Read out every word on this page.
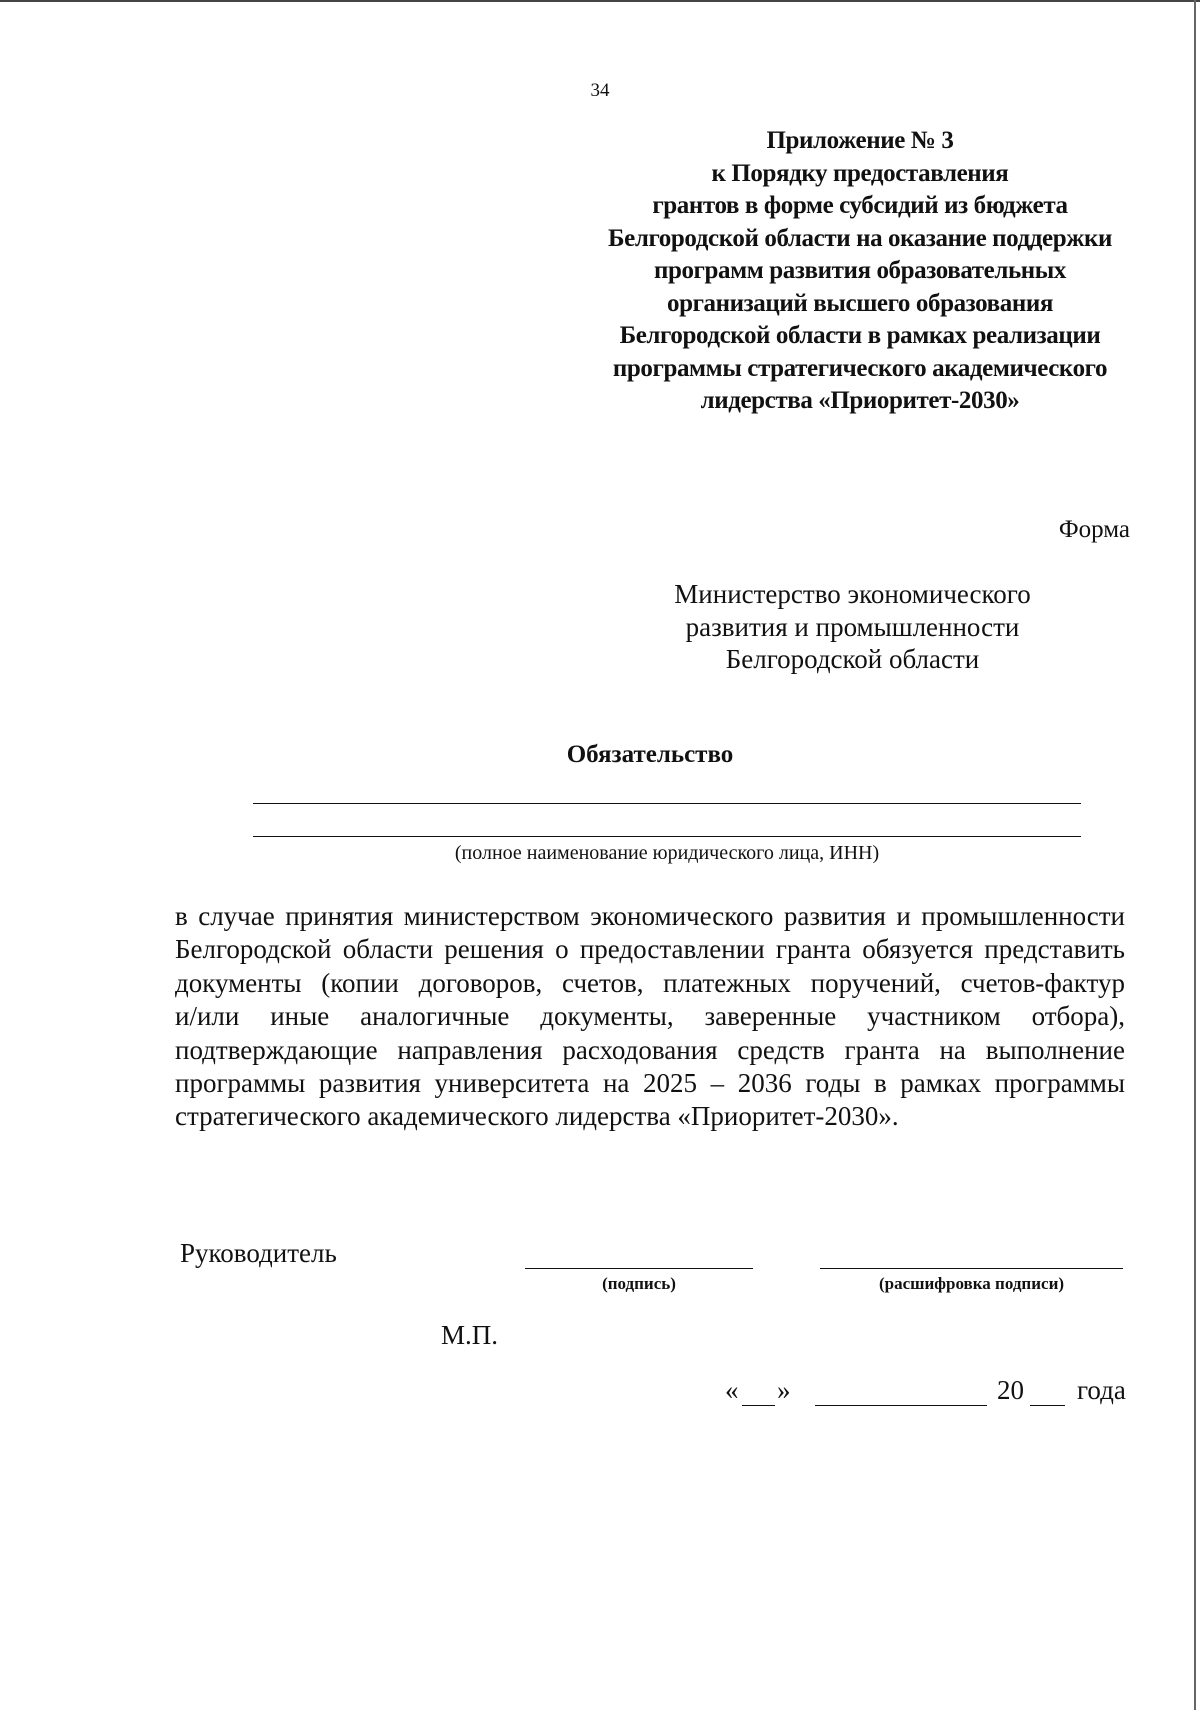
34
Приложение № 3
к Порядку предоставления
грантов в форме субсидий из бюджета
Белгородской области на оказание поддержки
программ развития образовательных
организаций высшего образования
Белгородской области в рамках реализации
программы стратегического академического
лидерства «Приоритет-2030»
Форма
Министерство экономического
развития и промышленности
Белгородской области
Обязательство
(полное наименование юридического лица, ИНН)
в случае принятия министерством экономического развития и промышленности
Белгородской области решения о предоставлении гранта обязуется представить
документы (копии договоров, счетов, платежных поручений, счетов-фактур
и/или иные аналогичные документы, заверенные участником отбора),
подтверждающие направления расходования средств гранта на выполнение
программы развития университета на 2025 – 2036 годы в рамках программы
стратегического академического лидерства «Приоритет-2030».
Руководитель
(подпись)	(расшифровка подписи)
М.П.
« »	20 года
